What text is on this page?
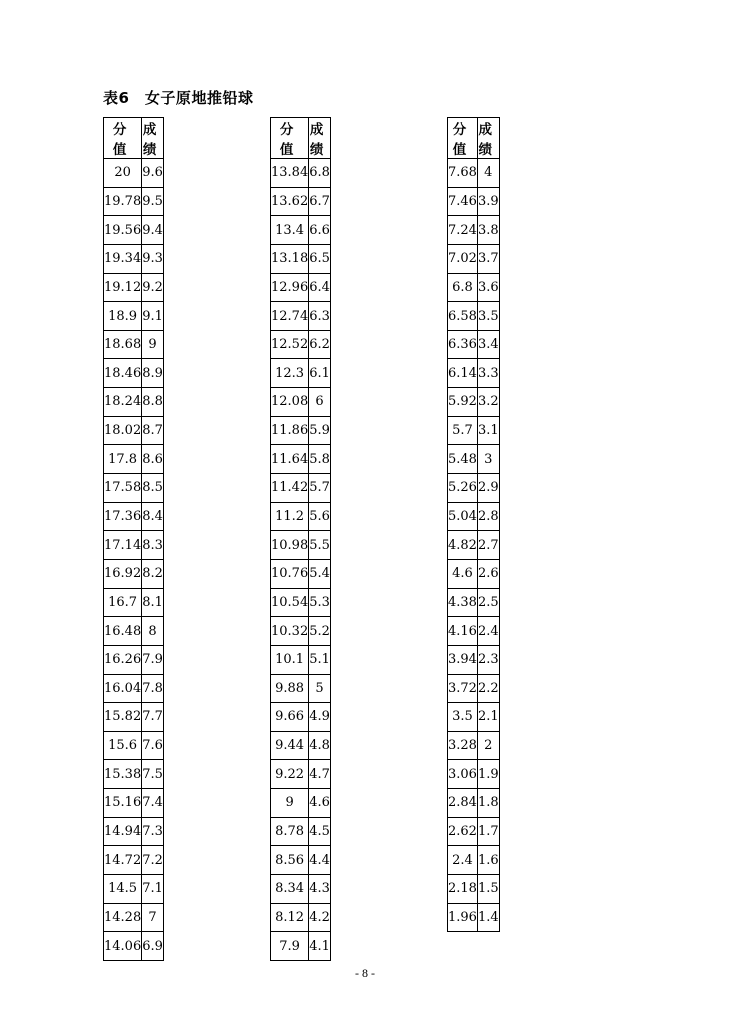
表6　女子原地推铅球
分 值	成 绩
20	9.6
19.78	9.5
19.56	9.4
19.34	9.3
19.12	9.2
18.9	9.1
18.68	9
18.46	8.9
18.24	8.8
18.02	8.7
17.8	8.6
17.58	8.5
17.36	8.4
17.14	8.3
16.92	8.2
16.7	8.1
16.48	8
16.26	7.9
16.04	7.8
15.82	7.7
15.6	7.6
15.38	7.5
15.16	7.4
14.94	7.3
14.72	7.2
14.5	7.1
14.28	7
14.06	6.9
分 值	成 绩
13.84	6.8
13.62	6.7
13.4	6.6
13.18	6.5
12.96	6.4
12.74	6.3
12.52	6.2
12.3	6.1
12.08	6
11.86	5.9
11.64	5.8
11.42	5.7
11.2	5.6
10.98	5.5
10.76	5.4
10.54	5.3
10.32	5.2
10.1	5.1
9.88	5
9.66	4.9
9.44	4.8
9.22	4.7
9	4.6
8.78	4.5
8.56	4.4
8.34	4.3
8.12	4.2
7.9	4.1
分 值	成 绩
7.68	4
7.46	3.9
7.24	3.8
7.02	3.7
6.8	3.6
6.58	3.5
6.36	3.4
6.14	3.3
5.92	3.2
5.7	3.1
5.48	3
5.26	2.9
5.04	2.8
4.82	2.7
4.6	2.6
4.38	2.5
4.16	2.4
3.94	2.3
3.72	2.2
3.5	2.1
3.28	2
3.06	1.9
2.84	1.8
2.62	1.7
2.4	1.6
2.18	1.5
1.96	1.4
- 8 -
